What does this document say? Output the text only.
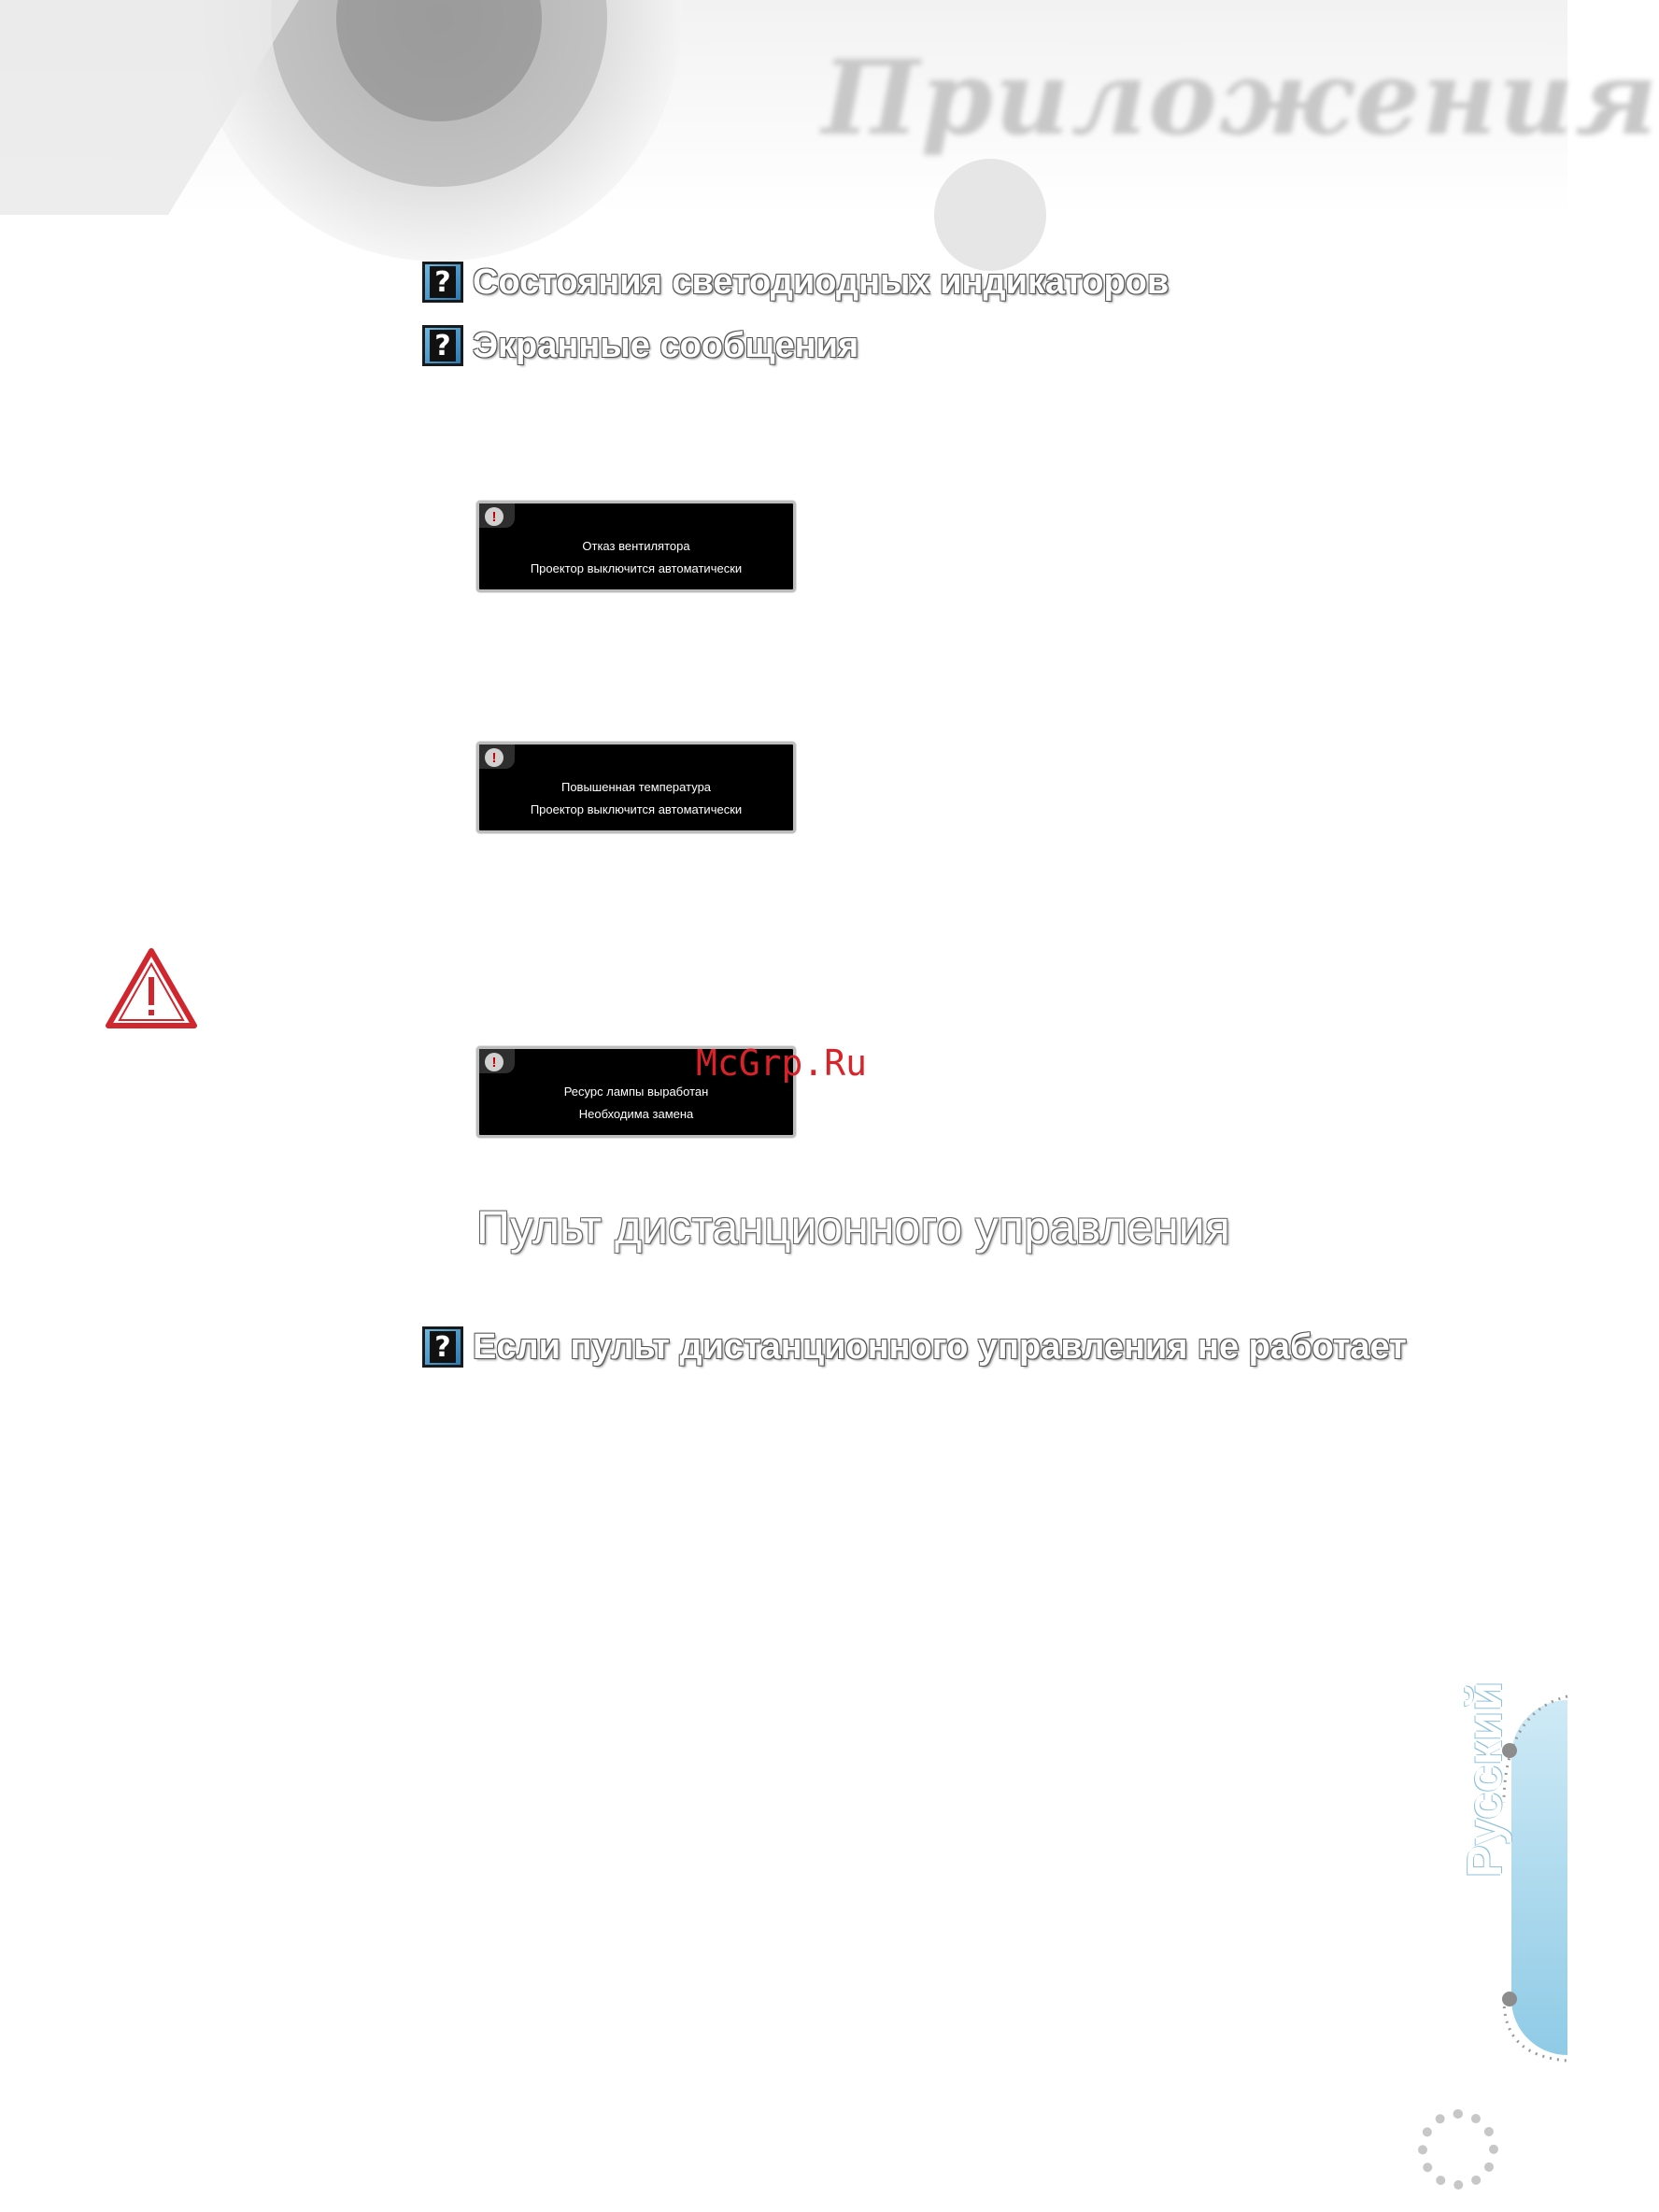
Приложения
? Состояния светодиодных индикаторов
? Экранные сообщения
!
Отказ вентилятора
Проектор выключится автоматически
!
Повышенная температура
Проектор выключится автоматически
!
Ресурс лампы выработан
Необходима замена
McGrp.Ru
Пульт дистанционного управления
? Если пульт дистанционного управления не работает
Русский
